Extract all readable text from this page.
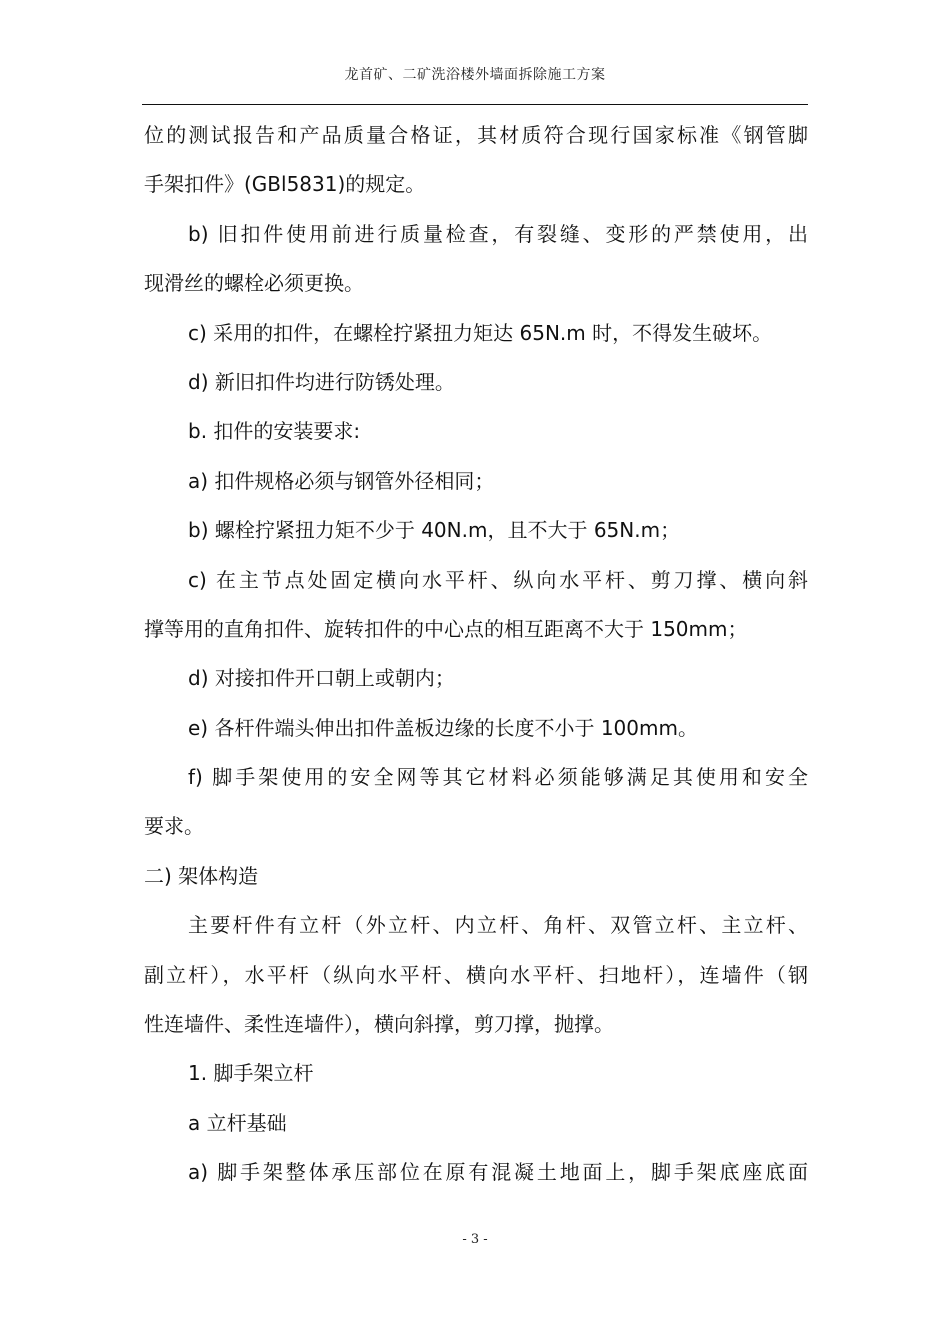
龙首矿、二矿洗浴楼外墙面拆除施工方案
位的测试报告和产品质量合格证，其材质符合现行国家标准《钢管脚
手架扣件》(GBl5831)的规定。
b) 旧扣件使用前进行质量检查，有裂缝、变形的严禁使用，出
现滑丝的螺栓必须更换。
c) 采用的扣件，在螺栓拧紧扭力矩达 65N.m 时，不得发生破坏。
d) 新旧扣件均进行防锈处理。
b. 扣件的安装要求:
a) 扣件规格必须与钢管外径相同；
b) 螺栓拧紧扭力矩不少于 40N.m，且不大于 65N.m；
c) 在主节点处固定横向水平杆、纵向水平杆、剪刀撑、横向斜
撑等用的直角扣件、旋转扣件的中心点的相互距离不大于 150mm；
d) 对接扣件开口朝上或朝内；
e) 各杆件端头伸出扣件盖板边缘的长度不小于 100mm。
f) 脚手架使用的安全网等其它材料必须能够满足其使用和安全
要求。
二) 架体构造
主要杆件有立杆（外立杆、内立杆、角杆、双管立杆、主立杆、
副立杆），水平杆（纵向水平杆、横向水平杆、扫地杆），连墙件（钢
性连墙件、柔性连墙件），横向斜撑，剪刀撑，抛撑。
1. 脚手架立杆
a 立杆基础
a) 脚手架整体承压部位在原有混凝土地面上，脚手架底座底面
- 3 -
